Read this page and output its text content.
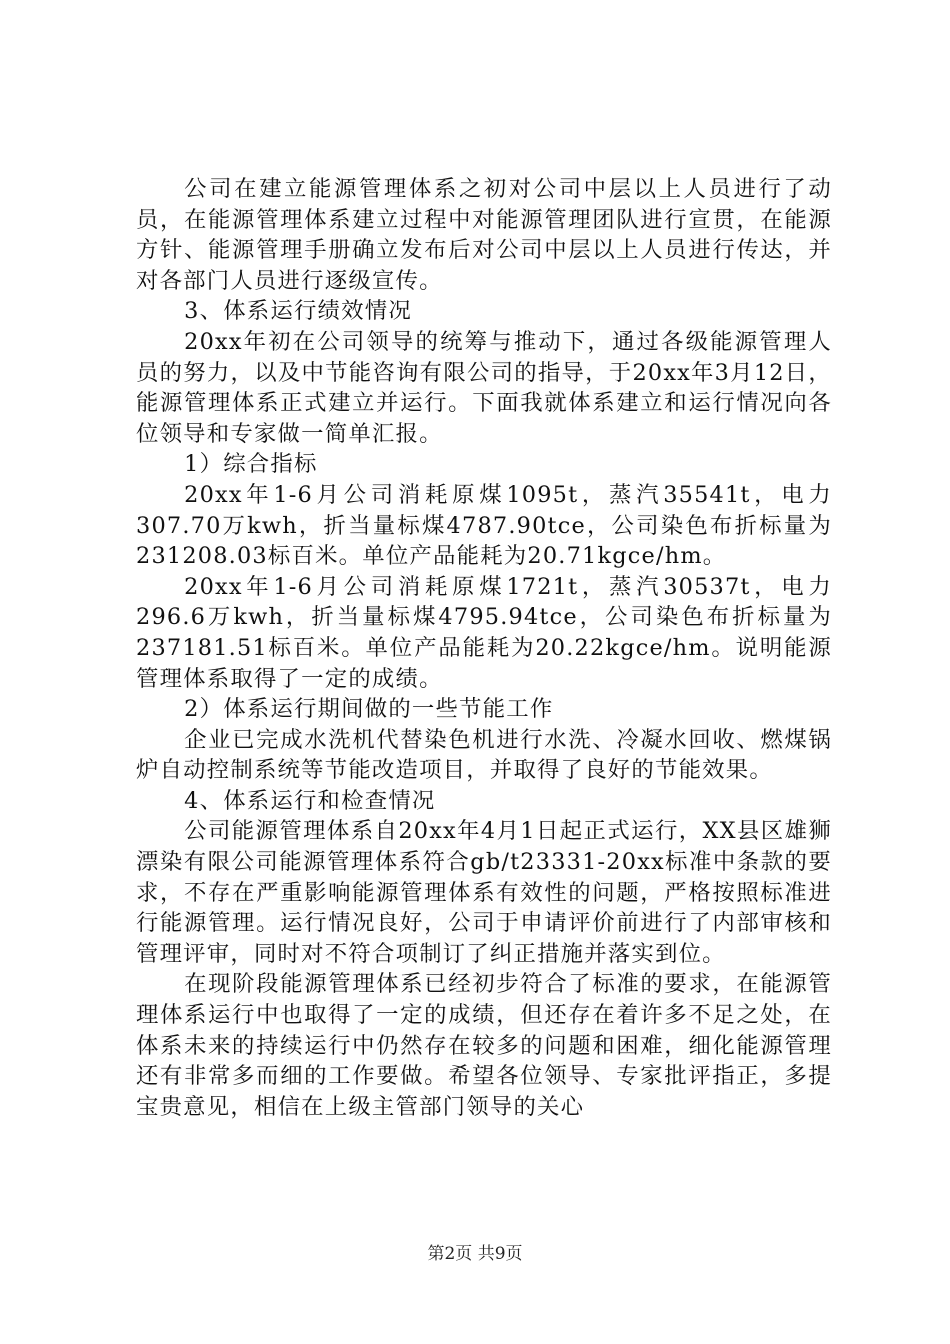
公司在建立能源管理体系之初对公司中层以上人员进行了动员，在能源管理体系建立过程中对能源管理团队进行宣贯，在能源方针、能源管理手册确立发布后对公司中层以上人员进行传达，并对各部门人员进行逐级宣传。

3、体系运行绩效情况

20xx年初在公司领导的统筹与推动下，通过各级能源管理人员的努力，以及中节能咨询有限公司的指导，于20xx年3月12日，能源管理体系正式建立并运行。下面我就体系建立和运行情况向各位领导和专家做一简单汇报。

1）综合指标

20xx年1-6月公司消耗原煤1095t，蒸汽35541t，电力307.70万kwh，折当量标煤4787.90tce，公司染色布折标量为231208.03标百米。单位产品能耗为20.71kgce/hm。

20xx年1-6月公司消耗原煤1721t，蒸汽30537t，电力296.6万kwh，折当量标煤4795.94tce，公司染色布折标量为237181.51标百米。单位产品能耗为20.22kgce/hm。说明能源管理体系取得了一定的成绩。

2）体系运行期间做的一些节能工作

企业已完成水洗机代替染色机进行水洗、冷凝水回收、燃煤锅炉自动控制系统等节能改造项目，并取得了良好的节能效果。

4、体系运行和检查情况

公司能源管理体系自20xx年4月1日起正式运行，XX县区雄狮漂染有限公司能源管理体系符合gb/t23331-20xx标准中条款的要求，不存在严重影响能源管理体系有效性的问题，严格按照标准进行能源管理。运行情况良好，公司于申请评价前进行了内部审核和管理评审，同时对不符合项制订了纠正措施并落实到位。

在现阶段能源管理体系已经初步符合了标准的要求，在能源管理体系运行中也取得了一定的成绩，但还存在着许多不足之处，在体系未来的持续运行中仍然存在较多的问题和困难，细化能源管理还有非常多而细的工作要做。希望各位领导、专家批评指正，多提宝贵意见，相信在上级主管部门领导的关心

第2页 共9页
